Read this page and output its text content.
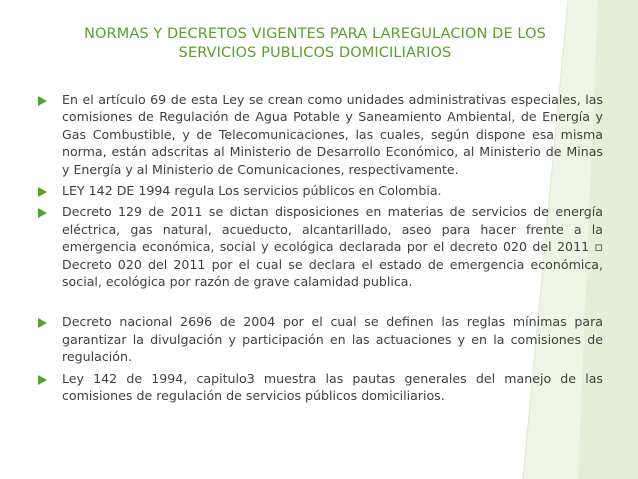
NORMAS Y DECRETOS VIGENTES PARA LAREGULACION DE LOS
SERVICIOS PUBLICOS DOMICILIARIOS
En el artículo 69 de esta Ley se crean como unidades administrativas especiales, las comisiones de Regulación de Agua Potable y Saneamiento Ambiental, de Energía y Gas Combustible, y de Telecomunicaciones, las cuales, según dispone esa misma norma, están adscritas al Ministerio de Desarrollo Económico, al Ministerio de Minas y Energía y al Ministerio de Comunicaciones, respectivamente.
LEY 142 DE 1994 regula Los servicios públicos en Colombia.
Decreto 129 de 2011 se dictan disposiciones en materias de servicios de energía eléctrica, gas natural, acueducto, alcantarillado, aseo para hacer frente a la emergencia económica, social y ecológica declarada por el decreto 020 del 2011 ▫ Decreto 020 del 2011 por el cual se declara el estado de emergencia económica, social, ecológica por razón de grave calamidad publica.
Decreto nacional 2696 de 2004 por el cual se definen las reglas mínimas para garantizar la divulgación y participación en las actuaciones y en la comisiones de regulación.
Ley 142 de 1994, capitulo3 muestra las pautas generales del manejo de las comisiones de regulación de servicios públicos domiciliarios.
